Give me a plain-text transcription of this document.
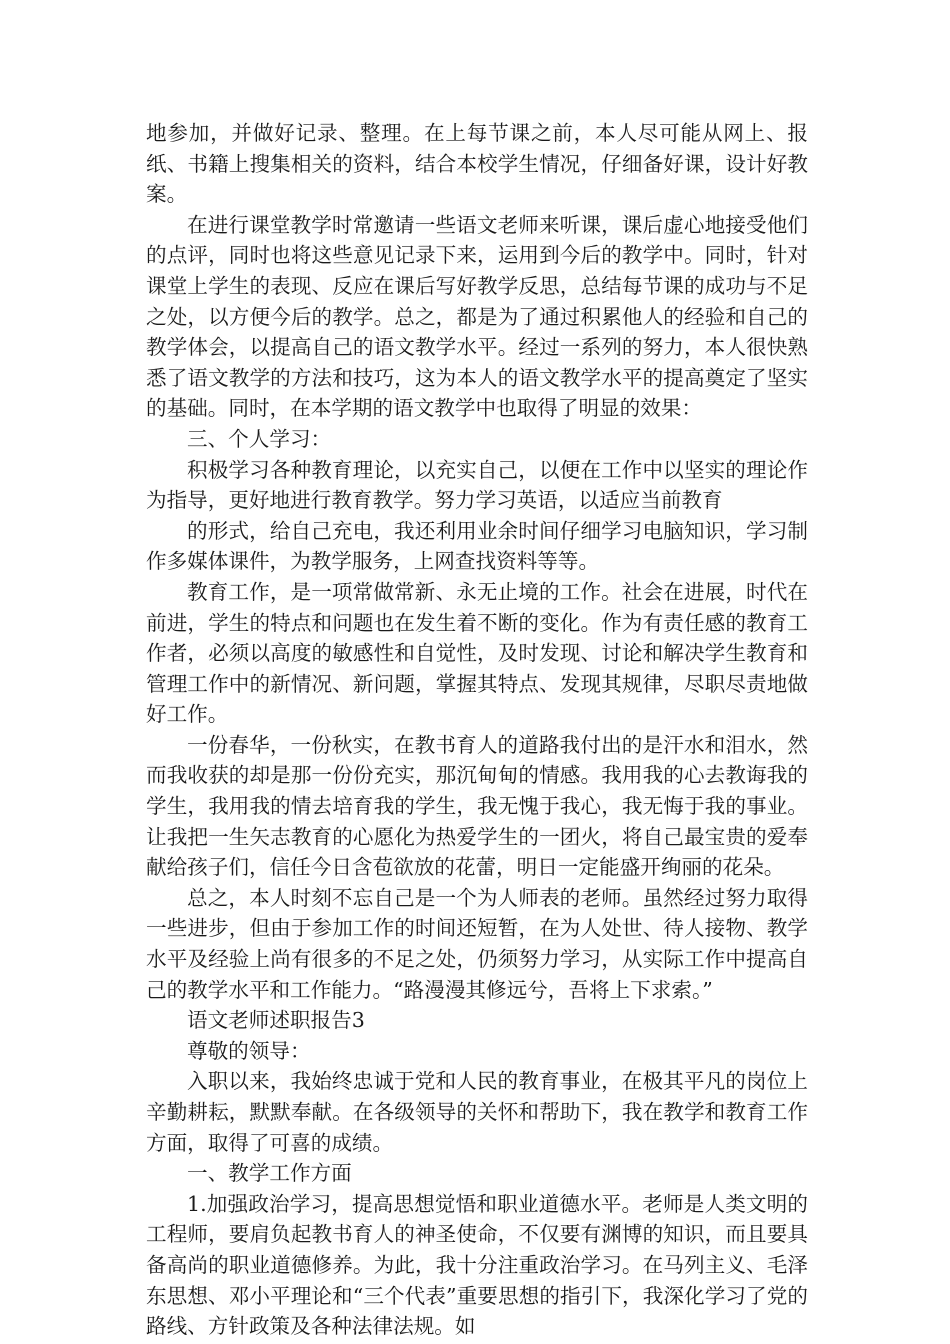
地参加，并做好记录、整理。在上每节课之前，本人尽可能从网上、报纸、书籍上搜集相关的资料，结合本校学生情况，仔细备好课，设计好教案。

在进行课堂教学时常邀请一些语文老师来听课，课后虚心地接受他们的点评，同时也将这些意见记录下来，运用到今后的教学中。同时，针对课堂上学生的表现、反应在课后写好教学反思，总结每节课的成功与不足之处，以方便今后的教学。总之，都是为了通过积累他人的经验和自己的教学体会，以提高自己的语文教学水平。经过一系列的努力，本人很快熟悉了语文教学的方法和技巧，这为本人的语文教学水平的提高奠定了坚实的基础。同时，在本学期的语文教学中也取得了明显的效果：

三、个人学习：

积极学习各种教育理论，以充实自己，以便在工作中以坚实的理论作为指导，更好地进行教育教学。努力学习英语，以适应当前教育

的形式，给自己充电，我还利用业余时间仔细学习电脑知识，学习制作多媒体课件，为教学服务，上网查找资料等等。

教育工作，是一项常做常新、永无止境的工作。社会在进展，时代在前进，学生的特点和问题也在发生着不断的变化。作为有责任感的教育工作者，必须以高度的敏感性和自觉性，及时发现、讨论和解决学生教育和管理工作中的新情况、新问题，掌握其特点、发现其规律，尽职尽责地做好工作。

一份春华，一份秋实，在教书育人的道路我付出的是汗水和泪水，然而我收获的却是那一份份充实，那沉甸甸的情感。我用我的心去教诲我的学生，我用我的情去培育我的学生，我无愧于我心，我无悔于我的事业。让我把一生矢志教育的心愿化为热爱学生的一团火，将自己最宝贵的爱奉献给孩子们，信任今日含苞欲放的花蕾，明日一定能盛开绚丽的花朵。

总之，本人时刻不忘自己是一个为人师表的老师。虽然经过努力取得一些进步，但由于参加工作的时间还短暂，在为人处世、待人接物、教学水平及经验上尚有很多的不足之处，仍须努力学习，从实际工作中提高自己的教学水平和工作能力。“路漫漫其修远兮，吾将上下求索。”

语文老师述职报告3

尊敬的领导：

入职以来，我始终忠诚于党和人民的教育事业，在极其平凡的岗位上辛勤耕耘，默默奉献。在各级领导的关怀和帮助下，我在教学和教育工作方面，取得了可喜的成绩。

一、教学工作方面

1.加强政治学习，提高思想觉悟和职业道德水平。老师是人类文明的工程师，要肩负起教书育人的神圣使命，不仅要有渊博的知识，而且要具备高尚的职业道德修养。为此，我十分注重政治学习。在马列主义、毛泽东思想、邓小平理论和“三个代表”重要思想的指引下，我深化学习了党的路线、方针政策及各种法律法规。如
